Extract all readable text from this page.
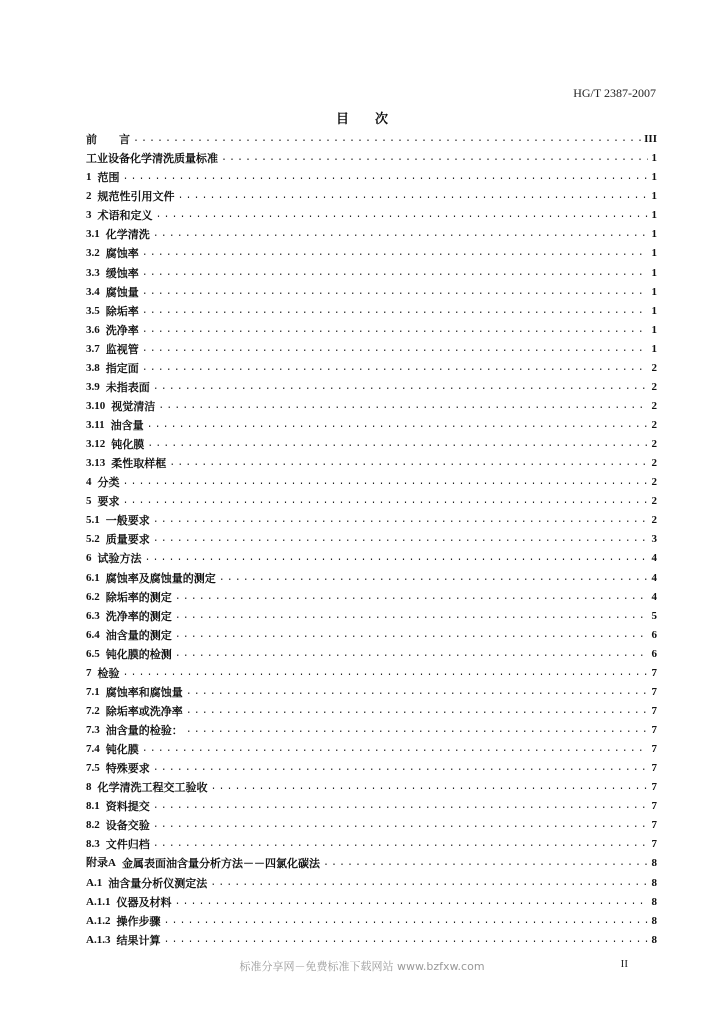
HG/T 2387-2007
目　　次
前　　言 .....	III
工业设备化学清洗质量标准 .....	1
1 范围 .....	1
2 规范性引用文件 .....	1
3 术语和定义 .....	1
3.1 化学清洗 .....	1
3.2 腐蚀率 .....	1
3.3 缓蚀率 .....	1
3.4 腐蚀量 .....	1
3.5 除垢率 .....	1
3.6 洗净率 .....	1
3.7 监视管 .....	1
3.8 指定面 .....	2
3.9 未指表面 .....	2
3.10 视觉清洁 .....	2
3.11 油含量 .....	2
3.12 钝化膜 .....	2
3.13 柔性取样框 .....	2
4 分类 .....	2
5 要求 .....	2
5.1 一般要求 .....	2
5.2 质量要求 .....	3
6 试验方法 .....	4
6.1 腐蚀率及腐蚀量的测定 .....	4
6.2 除垢率的测定 .....	4
6.3 洗净率的测定 .....	5
6.4 油含量的测定 .....	6
6.5 钝化膜的检测 .....	6
7 检验 .....	7
7.1 腐蚀率和腐蚀量 .....	7
7.2 除垢率或洗净率 .....	7
7.3 油含量的检验： .....	7
7.4 钝化膜 .....	7
7.5 特殊要求 .....	7
8 化学清洗工程交工验收 .....	7
8.1 资料提交 .....	7
8.2 设备交验 .....	7
8.3 文件归档 .....	7
附录A 金属表面油含量分析方法－－四氯化碳法 .....	8
A.1 油含量分析仪测定法 .....	8
A.1.1 仪器及材料 .....	8
A.1.2 操作步骤 .....	8
A.1.3 结果计算 .....	8
标准分享网－免费标准下载网站 www.bzfxw.com	II
